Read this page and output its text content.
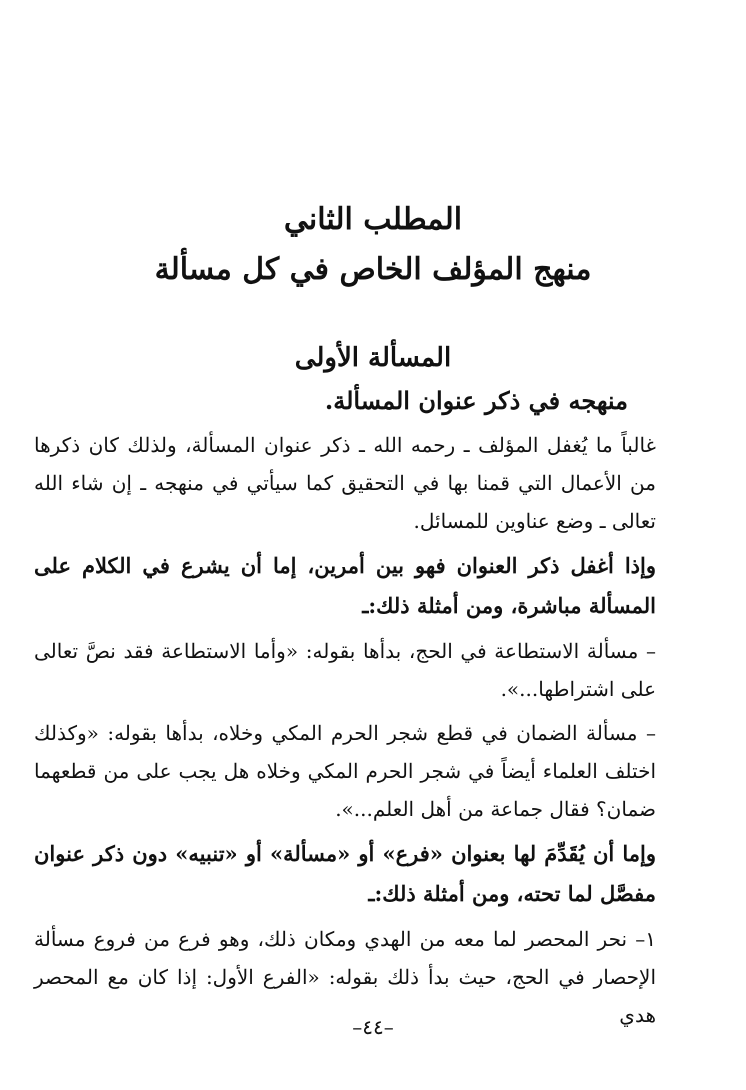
المطلب الثاني
منهج المؤلف الخاص في كل مسألة
المسألة الأولى
منهجه في ذكر عنوان المسألة.

غالباً ما يُغفل المؤلف ـ رحمه الله ـ ذكر عنوان المسألة، ولذلك كان ذكرها من الأعمال التي قمنا بها في التحقيق كما سيأتي في منهجه ـ إن شاء الله تعالى ـ وضع عناوين للمسائل.

وإذا أغفل ذكر العنوان فهو بين أمرين، إما أن يشرع في الكلام على المسألة مباشرة، ومن أمثلة ذلك:ـ

– مسألة الاستطاعة في الحج، بدأها بقوله: «وأما الاستطاعة فقد نصَّ تعالى على اشتراطها...».

– مسألة الضمان في قطع شجر الحرم المكي وخلاه، بدأها بقوله: «وكذلك اختلف العلماء أيضاً في شجر الحرم المكي وخلاه هل يجب على من قطعهما ضمان؟ فقال جماعة من أهل العلم...».

وإما أن يُقَدِّمَ لها بعنوان «فرع» أو «مسألة» أو «تنبيه» دون ذكر عنوان مفصَّل لما تحته، ومن أمثلة ذلك:ـ

١– نحر المحصر لما معه من الهدي ومكان ذلك، وهو فرع من فروع مسألة الإحصار في الحج، حيث بدأ ذلك بقوله: «الفرع الأول: إذا كان مع المحصر هدي

–٤٤–
